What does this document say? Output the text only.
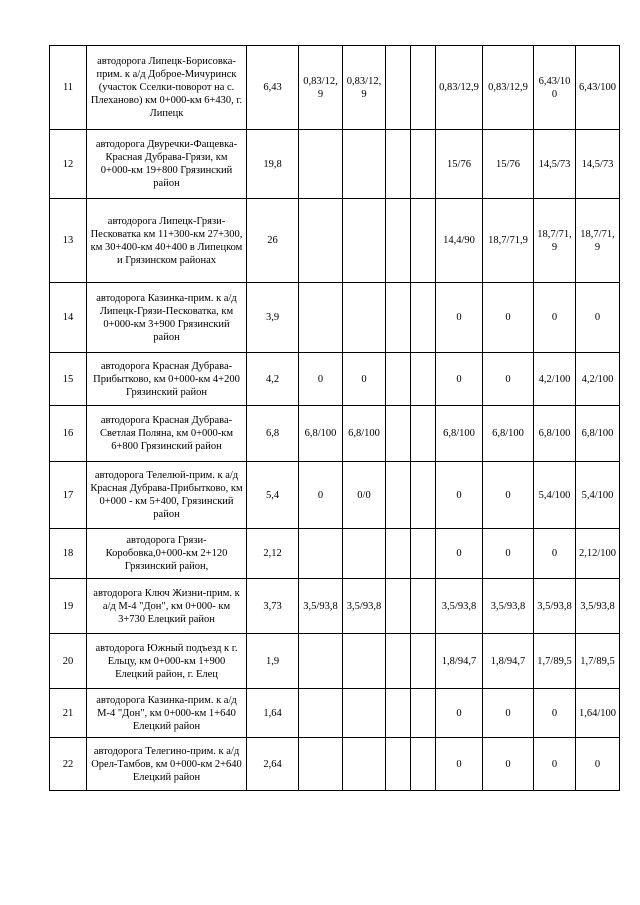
11	автодорога Липецк-Борисовка-прим. к а/д Доброе-Мичуринск (участок Сселки-поворот на с. Плеханово) км 0+000-км 6+430, г. Липецк	6,43	0,83/12,9	0,83/12,9			0,83/12,9	0,83/12,9	6,43/100	6,43/100
12	автодорога Двуречки-Фащевка-Красная Дубрава-Грязи, км 0+000-км 19+800 Грязинский район	19,8					15/76	15/76	14,5/73	14,5/73
13	автодорога Липецк-Грязи-Песковатка км 11+300-км 27+300, км 30+400-км 40+400 в Липецком и Грязинском районах	26					14,4/90	18,7/71,9	18,7/71,9	18,7/71,9
14	автодорога Казинка-прим. к а/д Липецк-Грязи-Песковатка, км 0+000-км 3+900 Грязинский район	3,9					0	0	0	0
15	автодорога Красная Дубрава-Прибытково, км 0+000-км 4+200 Грязинский район	4,2	0	0			0	0	4,2/100	4,2/100
16	автодорога Красная Дубрава-Светлая Поляна, км 0+000-км 6+800 Грязинский район	6,8	6,8/100	6,8/100			6,8/100	6,8/100	6,8/100	6,8/100
17	автодорога Телелюй-прим. к а/д Красная Дубрава-Прибытково, км 0+000 - км 5+400, Грязинский район	5,4	0	0/0			0	0	5,4/100	5,4/100
18	автодорога Грязи-Коробовка,0+000-км 2+120 Грязинский район,	2,12					0	0	0	2,12/100
19	автодорога Ключ Жизни-прим. к а/д М-4 "Дон", км 0+000- км 3+730 Елецкий район	3,73	3,5/93,8	3,5/93,8			3,5/93,8	3,5/93,8	3,5/93,8	3,5/93,8
20	автодорога Южный подъезд к г. Ельцу, км 0+000-км 1+900 Елецкий район, г. Елец	1,9					1,8/94,7	1,8/94,7	1,7/89,5	1,7/89,5
21	автодорога Казинка-прим. к а/д М-4 "Дон", км 0+000-км 1+640 Елецкий район	1,64					0	0	0	1,64/100
22	автодорога Телегино-прим. к а/д Орел-Тамбов, км 0+000-км 2+640 Елецкий район	2,64					0	0	0	0
